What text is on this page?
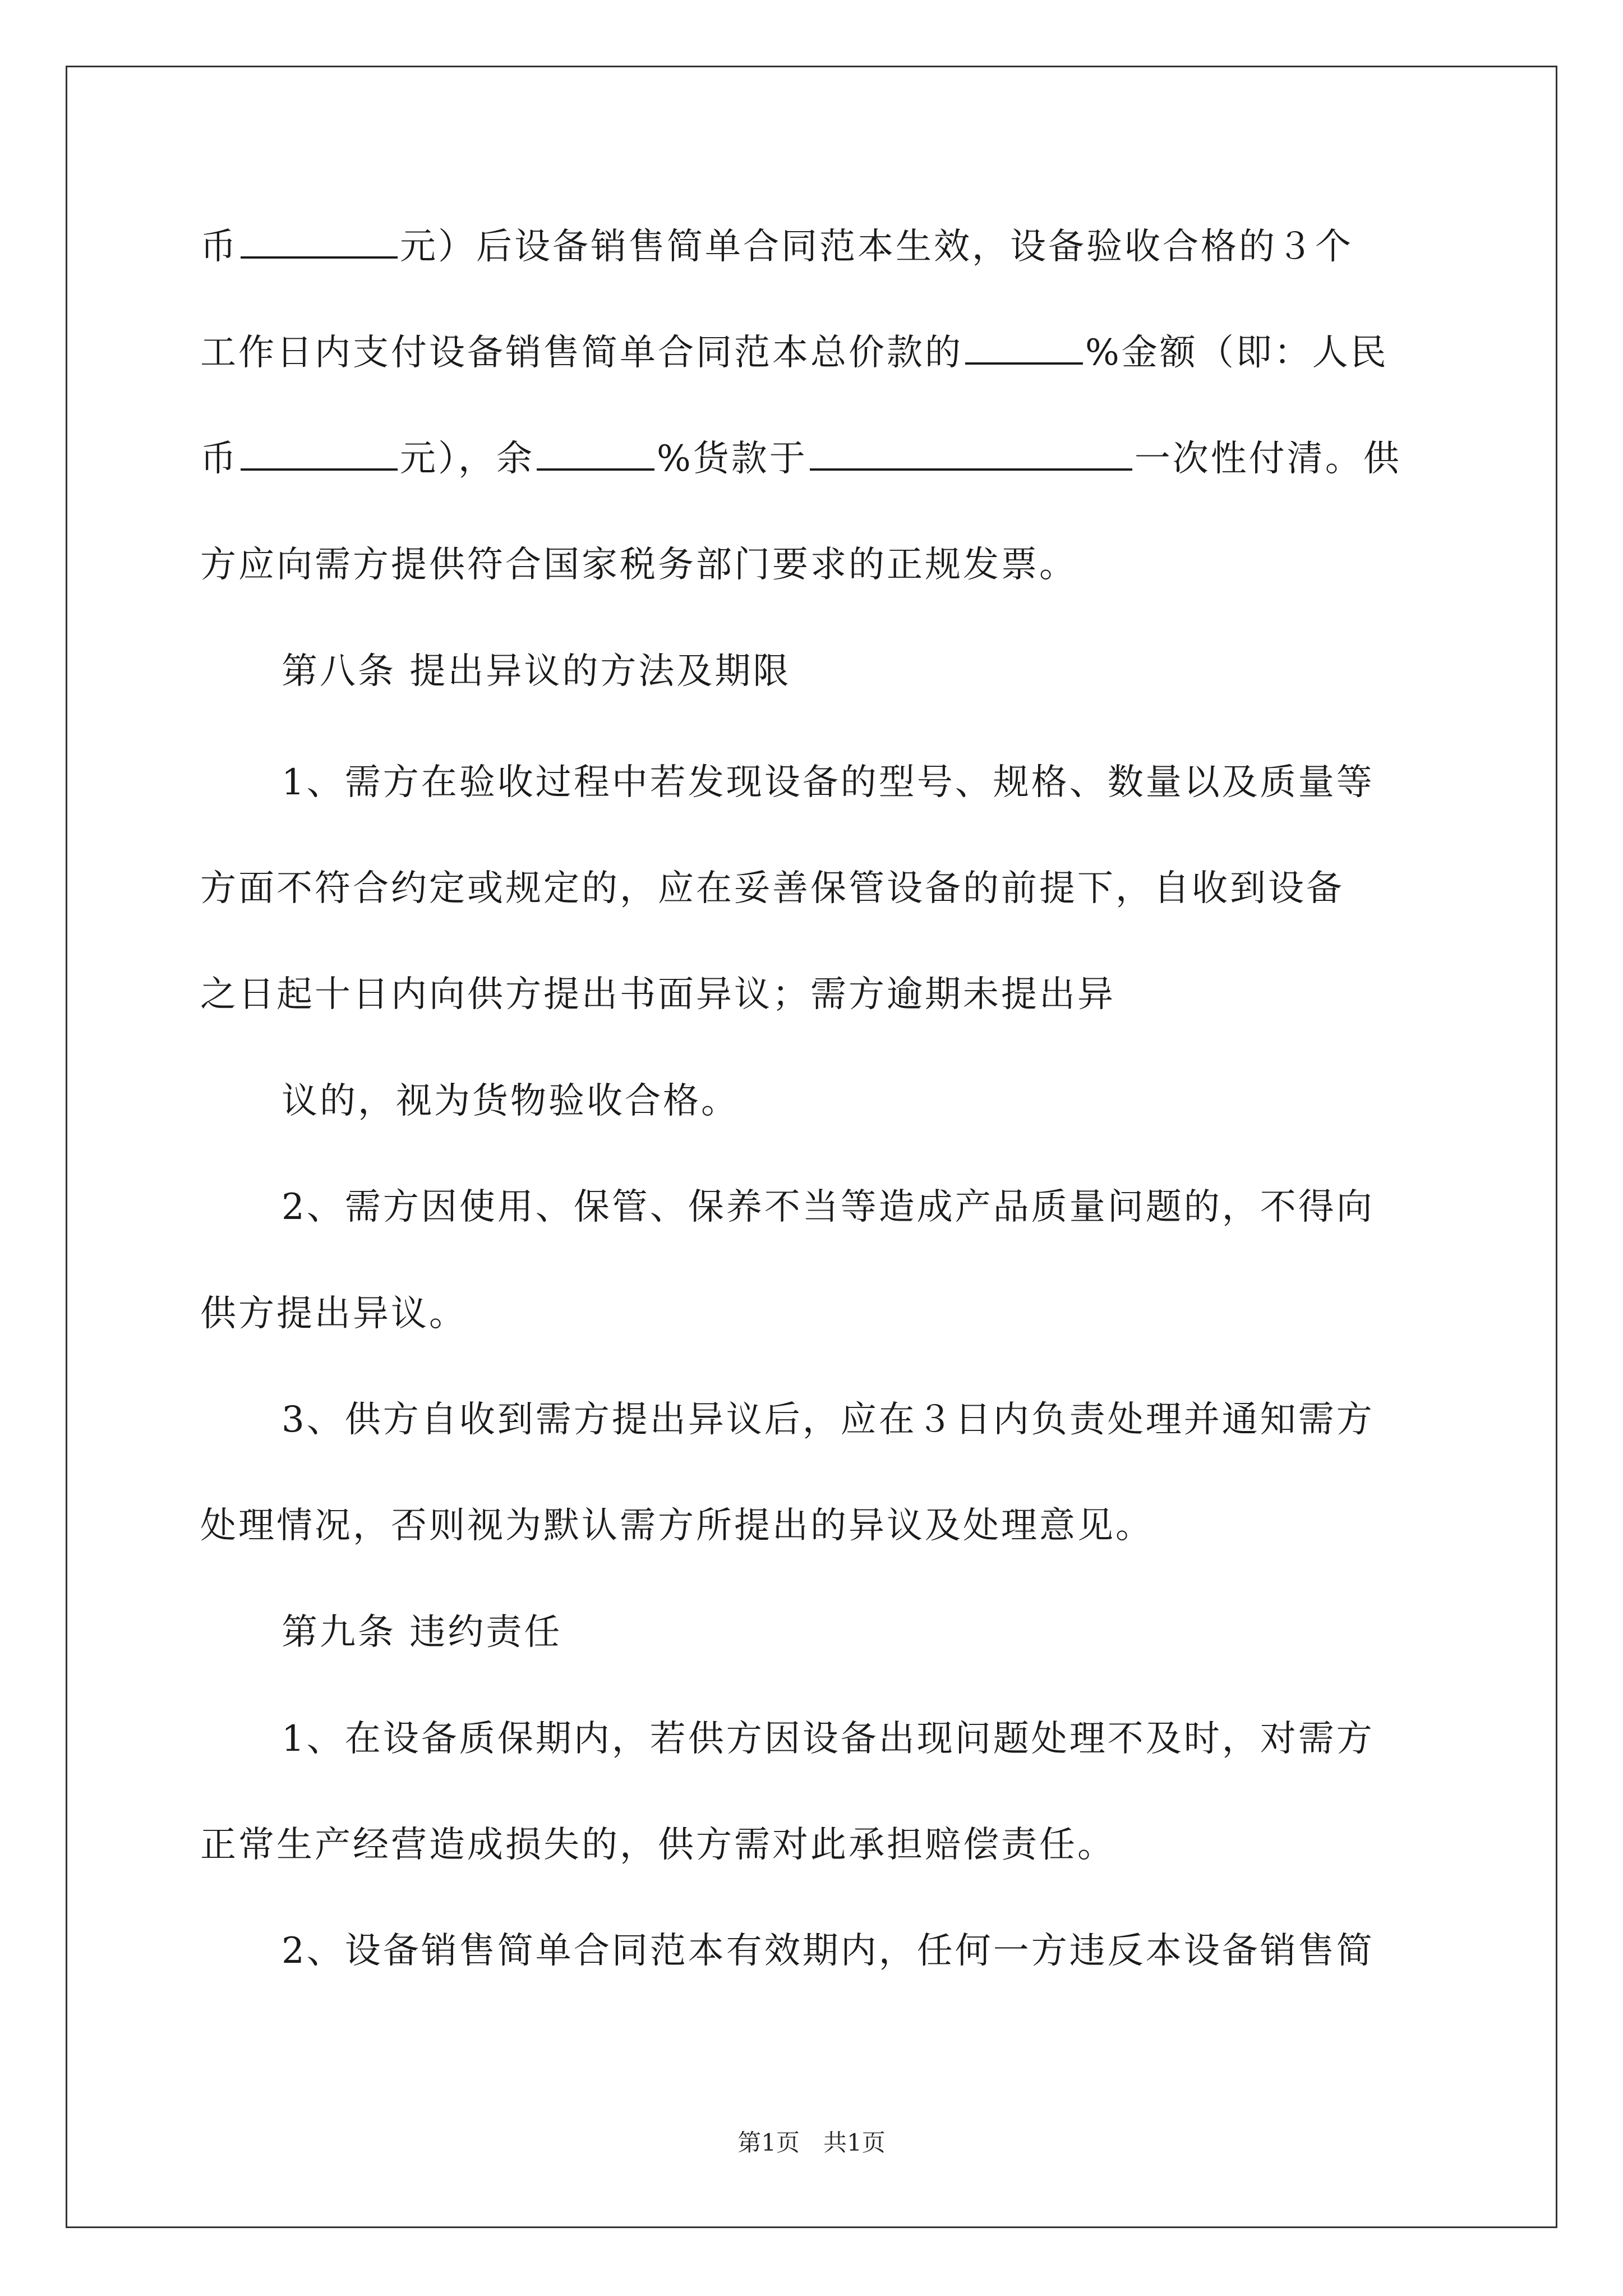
币	元）后设备销售简单合同范本生效，设备验收合格的３个
工作日内支付设备销售简单合同范本总价款的	%金额（即：人民
币	元），余	%货款于	一次性付清。供
方应向需方提供符合国家税务部门要求的正规发票。
第八条 提出异议的方法及期限
1、需方在验收过程中若发现设备的型号、规格、数量以及质量等
方面不符合约定或规定的，应在妥善保管设备的前提下，自收到设备
之日起十日内向供方提出书面异议；需方逾期未提出异
议的，视为货物验收合格。
2、需方因使用、保管、保养不当等造成产品质量问题的，不得向
供方提出异议。
3、供方自收到需方提出异议后，应在３日内负责处理并通知需方
处理情况，否则视为默认需方所提出的异议及处理意见。
第九条 违约责任
1、在设备质保期内，若供方因设备出现问题处理不及时，对需方
正常生产经营造成损失的，供方需对此承担赔偿责任。
2、设备销售简单合同范本有效期内，任何一方违反本设备销售简
第1页　共1页
